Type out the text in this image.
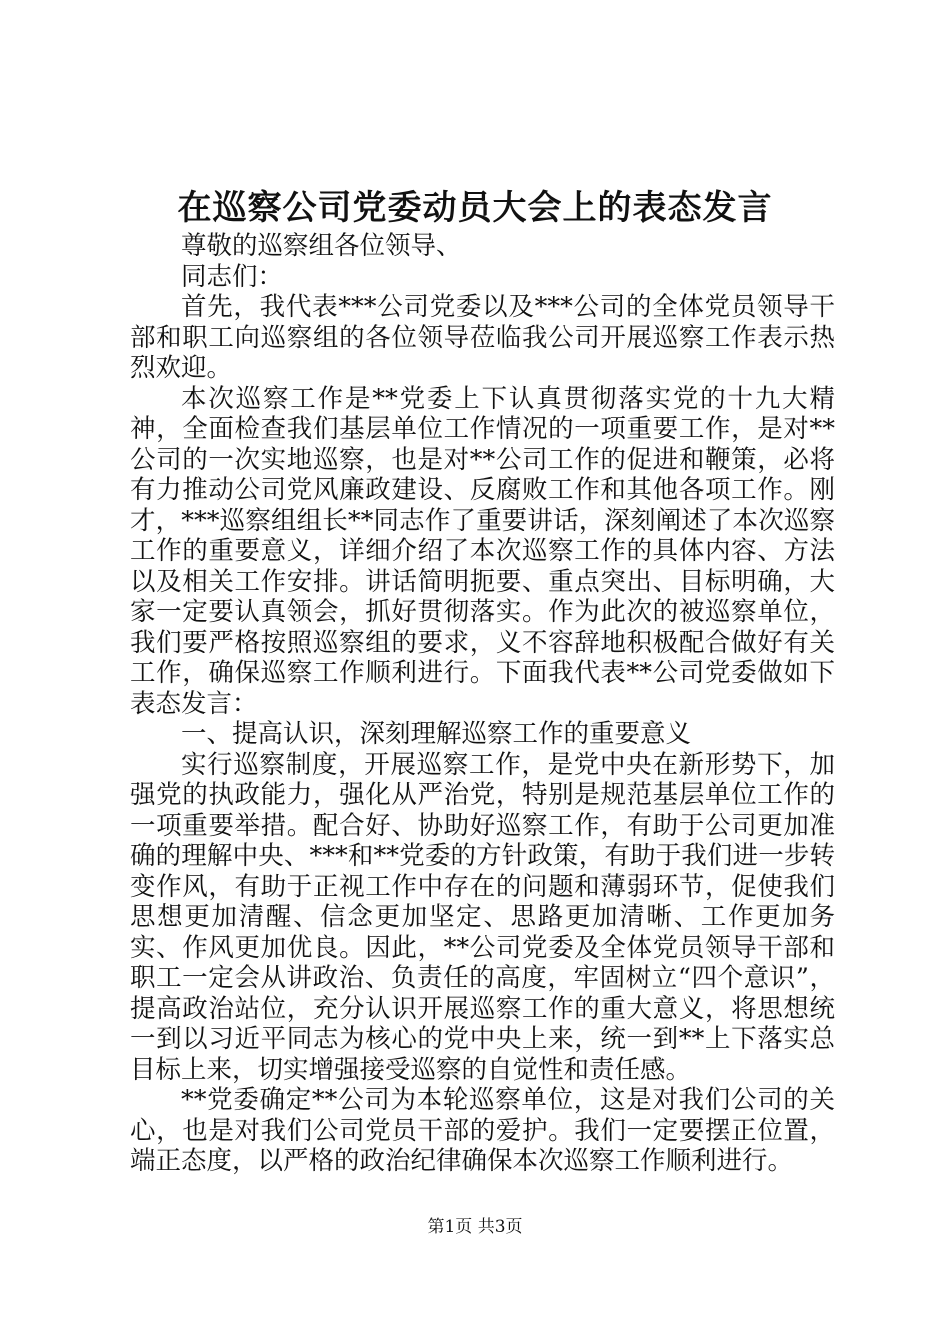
在巡察公司党委动员大会上的表态发言

尊敬的巡察组各位领导、

同志们：

首先，我代表***公司党委以及***公司的全体党员领导干部和职工向巡察组的各位领导莅临我公司开展巡察工作表示热烈欢迎。

本次巡察工作是**党委上下认真贯彻落实党的十九大精神，全面检查我们基层单位工作情况的一项重要工作，是对**公司的一次实地巡察，也是对**公司工作的促进和鞭策，必将有力推动公司党风廉政建设、反腐败工作和其他各项工作。刚才，***巡察组组长**同志作了重要讲话，深刻阐述了本次巡察工作的重要意义，详细介绍了本次巡察工作的具体内容、方法以及相关工作安排。讲话简明扼要、重点突出、目标明确，大家一定要认真领会，抓好贯彻落实。作为此次的被巡察单位，我们要严格按照巡察组的要求，义不容辞地积极配合做好有关工作，确保巡察工作顺利进行。下面我代表**公司党委做如下表态发言：

一、提高认识，深刻理解巡察工作的重要意义

实行巡察制度，开展巡察工作，是党中央在新形势下，加强党的执政能力，强化从严治党，特别是规范基层单位工作的一项重要举措。配合好、协助好巡察工作，有助于公司更加准确的理解中央、***和**党委的方针政策，有助于我们进一步转变作风，有助于正视工作中存在的问题和薄弱环节，促使我们思想更加清醒、信念更加坚定、思路更加清晰、工作更加务实、作风更加优良。因此，**公司党委及全体党员领导干部和职工一定会从讲政治、负责任的高度，牢固树立“四个意识”，提高政治站位，充分认识开展巡察工作的重大意义，将思想统一到以习近平同志为核心的党中央上来，统一到**上下落实总目标上来，切实增强接受巡察的自觉性和责任感。

**党委确定**公司为本轮巡察单位，这是对我们公司的关心，也是对我们公司党员干部的爱护。我们一定要摆正位置，端正态度，以严格的政治纪律确保本次巡察工作顺利进行。

第1页 共3页
